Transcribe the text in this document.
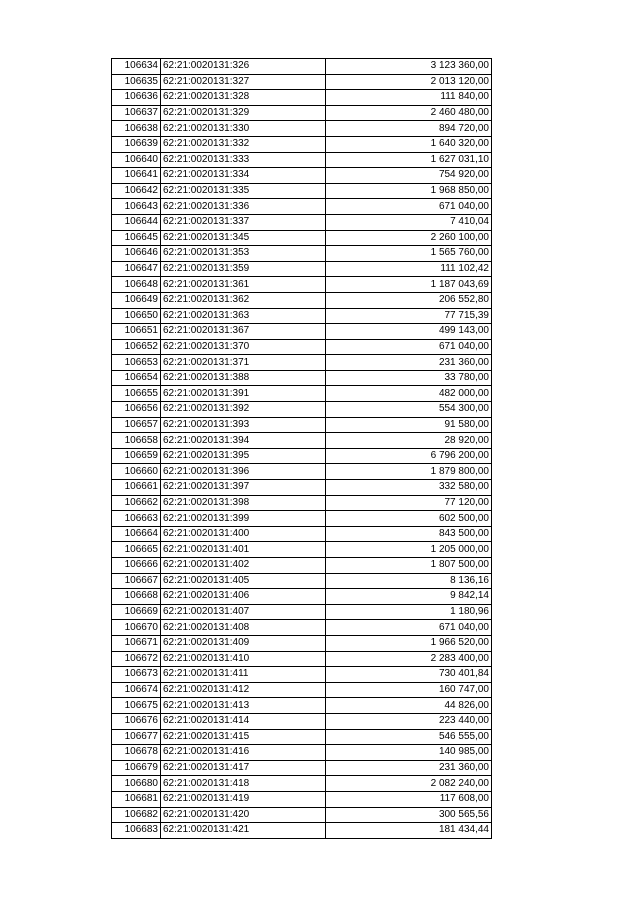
106634	62:21:0020131:326	3 123 360,00
106635	62:21:0020131:327	2 013 120,00
106636	62:21:0020131:328	111 840,00
106637	62:21:0020131:329	2 460 480,00
106638	62:21:0020131:330	894 720,00
106639	62:21:0020131:332	1 640 320,00
106640	62:21:0020131:333	1 627 031,10
106641	62:21:0020131:334	754 920,00
106642	62:21:0020131:335	1 968 850,00
106643	62:21:0020131:336	671 040,00
106644	62:21:0020131:337	7 410,04
106645	62:21:0020131:345	2 260 100,00
106646	62:21:0020131:353	1 565 760,00
106647	62:21:0020131:359	111 102,42
106648	62:21:0020131:361	1 187 043,69
106649	62:21:0020131:362	206 552,80
106650	62:21:0020131:363	77 715,39
106651	62:21:0020131:367	499 143,00
106652	62:21:0020131:370	671 040,00
106653	62:21:0020131:371	231 360,00
106654	62:21:0020131:388	33 780,00
106655	62:21:0020131:391	482 000,00
106656	62:21:0020131:392	554 300,00
106657	62:21:0020131:393	91 580,00
106658	62:21:0020131:394	28 920,00
106659	62:21:0020131:395	6 796 200,00
106660	62:21:0020131:396	1 879 800,00
106661	62:21:0020131:397	332 580,00
106662	62:21:0020131:398	77 120,00
106663	62:21:0020131:399	602 500,00
106664	62:21:0020131:400	843 500,00
106665	62:21:0020131:401	1 205 000,00
106666	62:21:0020131:402	1 807 500,00
106667	62:21:0020131:405	8 136,16
106668	62:21:0020131:406	9 842,14
106669	62:21:0020131:407	1 180,96
106670	62:21:0020131:408	671 040,00
106671	62:21:0020131:409	1 966 520,00
106672	62:21:0020131:410	2 283 400,00
106673	62:21:0020131:411	730 401,84
106674	62:21:0020131:412	160 747,00
106675	62:21:0020131:413	44 826,00
106676	62:21:0020131:414	223 440,00
106677	62:21:0020131:415	546 555,00
106678	62:21:0020131:416	140 985,00
106679	62:21:0020131:417	231 360,00
106680	62:21:0020131:418	2 082 240,00
106681	62:21:0020131:419	117 608,00
106682	62:21:0020131:420	300 565,56
106683	62:21:0020131:421	181 434,44
